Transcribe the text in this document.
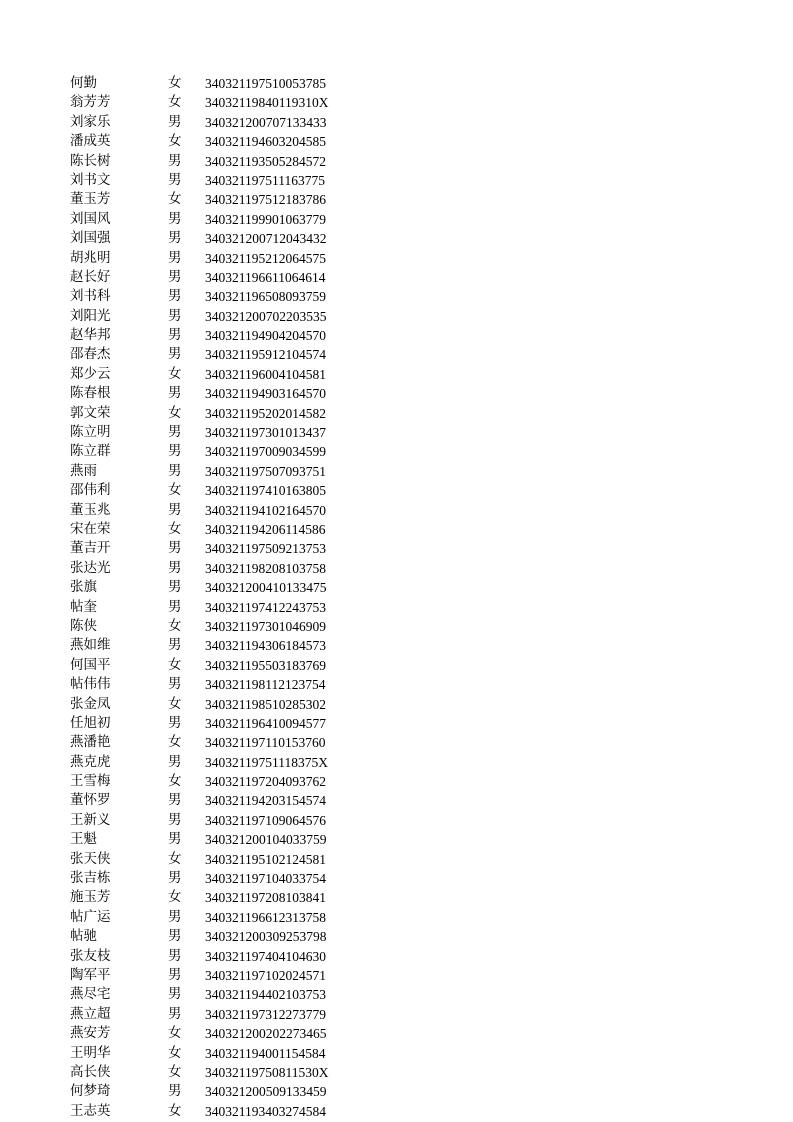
何勤	女 340321197510053785
翁芳芳	女 34032119840119310X
刘家乐	男 340321200707133433
潘成英	女 340321194603204585
陈长树	男 340321193505284572
刘书文	男 340321197511163775
董玉芳	女 340321197512183786
刘国风	男 340321199901063779
刘国强	男 340321200712043432
胡兆明	男 340321195212064575
赵长好	男 340321196611064614
刘书科	男 340321196508093759
刘阳光	男 340321200702203535
赵华邦	男 340321194904204570
邵春杰	男 340321195912104574
郑少云	女 340321196004104581
陈春根	男 340321194903164570
郭文荣	女 340321195202014582
陈立明	男 340321197301013437
陈立群	男 340321197009034599
燕雨	男 340321197507093751
邵伟利	女 340321197410163805
董玉兆	男 340321194102164570
宋在荣	女 340321194206114586
董吉开	男 340321197509213753
张达光	男 340321198208103758
张旗	男 340321200410133475
帖奎	男 340321197412243753
陈侠	女 340321197301046909
燕如维	男 340321194306184573
何国平	女 340321195503183769
帖伟伟	男 340321198112123754
张金凤	女 340321198510285302
任旭初	男 340321196410094577
燕潘艳	女 340321197110153760
燕克虎	男 34032119751118375X
王雪梅	女 340321197204093762
董怀罗	男 340321194203154574
王新义	男 340321197109064576
王魁	男 340321200104033759
张天侠	女 340321195102124581
张吉栋	男 340321197104033754
施玉芳	女 340321197208103841
帖广运	男 340321196612313758
帖驰	男 340321200309253798
张友枝	男 340321197404104630
陶军平	男 340321197102024571
燕尽宅	男 340321194402103753
燕立超	男 340321197312273779
燕安芳	女 340321200202273465
王明华	女 340321194001154584
高长侠	女 34032119750811530X
何梦琦	男 340321200509133459
王志英	女 340321193403274584
